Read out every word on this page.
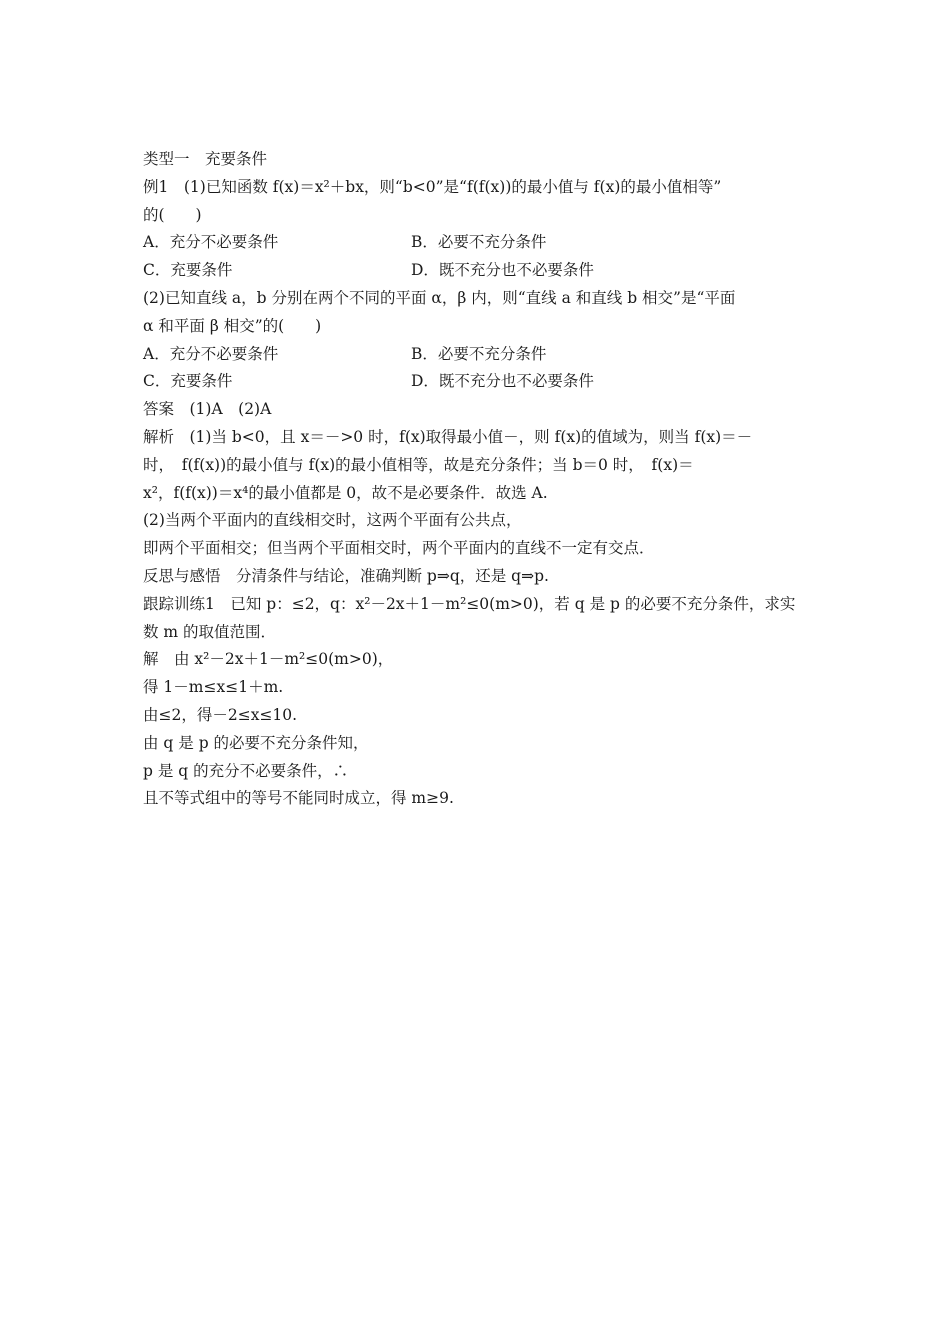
类型一　充要条件
例1　(1)已知函数 f(x)＝x²＋bx，则“b<0”是“f(f(x))的最小值与 f(x)的最小值相等”
的(　　)
A．充分不必要条件	B．必要不充分条件
C．充要条件	D．既不充分也不必要条件
(2)已知直线 a，b 分别在两个不同的平面 α，β 内，则“直线 a 和直线 b 相交”是“平面
α 和平面 β 相交”的(　　)
A．充分不必要条件	B．必要不充分条件
C．充要条件	D．既不充分也不必要条件
答案　(1)A　(2)A
解析　(1)当 b<0，且 x＝－>0 时，f(x)取得最小值－，则 f(x)的值域为，则当 f(x)＝－
时，　f(f(x))的最小值与 f(x)的最小值相等，故是充分条件；当 b＝0 时，　f(x)＝
x²，f(f(x))＝x⁴的最小值都是 0，故不是必要条件．故选 A.
(2)当两个平面内的直线相交时，这两个平面有公共点，
即两个平面相交；但当两个平面相交时，两个平面内的直线不一定有交点．
反思与感悟　分清条件与结论，准确判断 p⇒q，还是 q⇒p.
跟踪训练1　已知 p：≤2，q：x²－2x＋1－m²≤0(m>0)，若 q 是 p 的必要不充分条件，求实
数 m 的取值范围．
解　由 x²－2x＋1－m²≤0(m>0)，
得 1－m≤x≤1＋m.
由≤2，得－2≤x≤10.
由 q 是 p 的必要不充分条件知，
p 是 q 的充分不必要条件，∴
且不等式组中的等号不能同时成立，得 m≥9.
